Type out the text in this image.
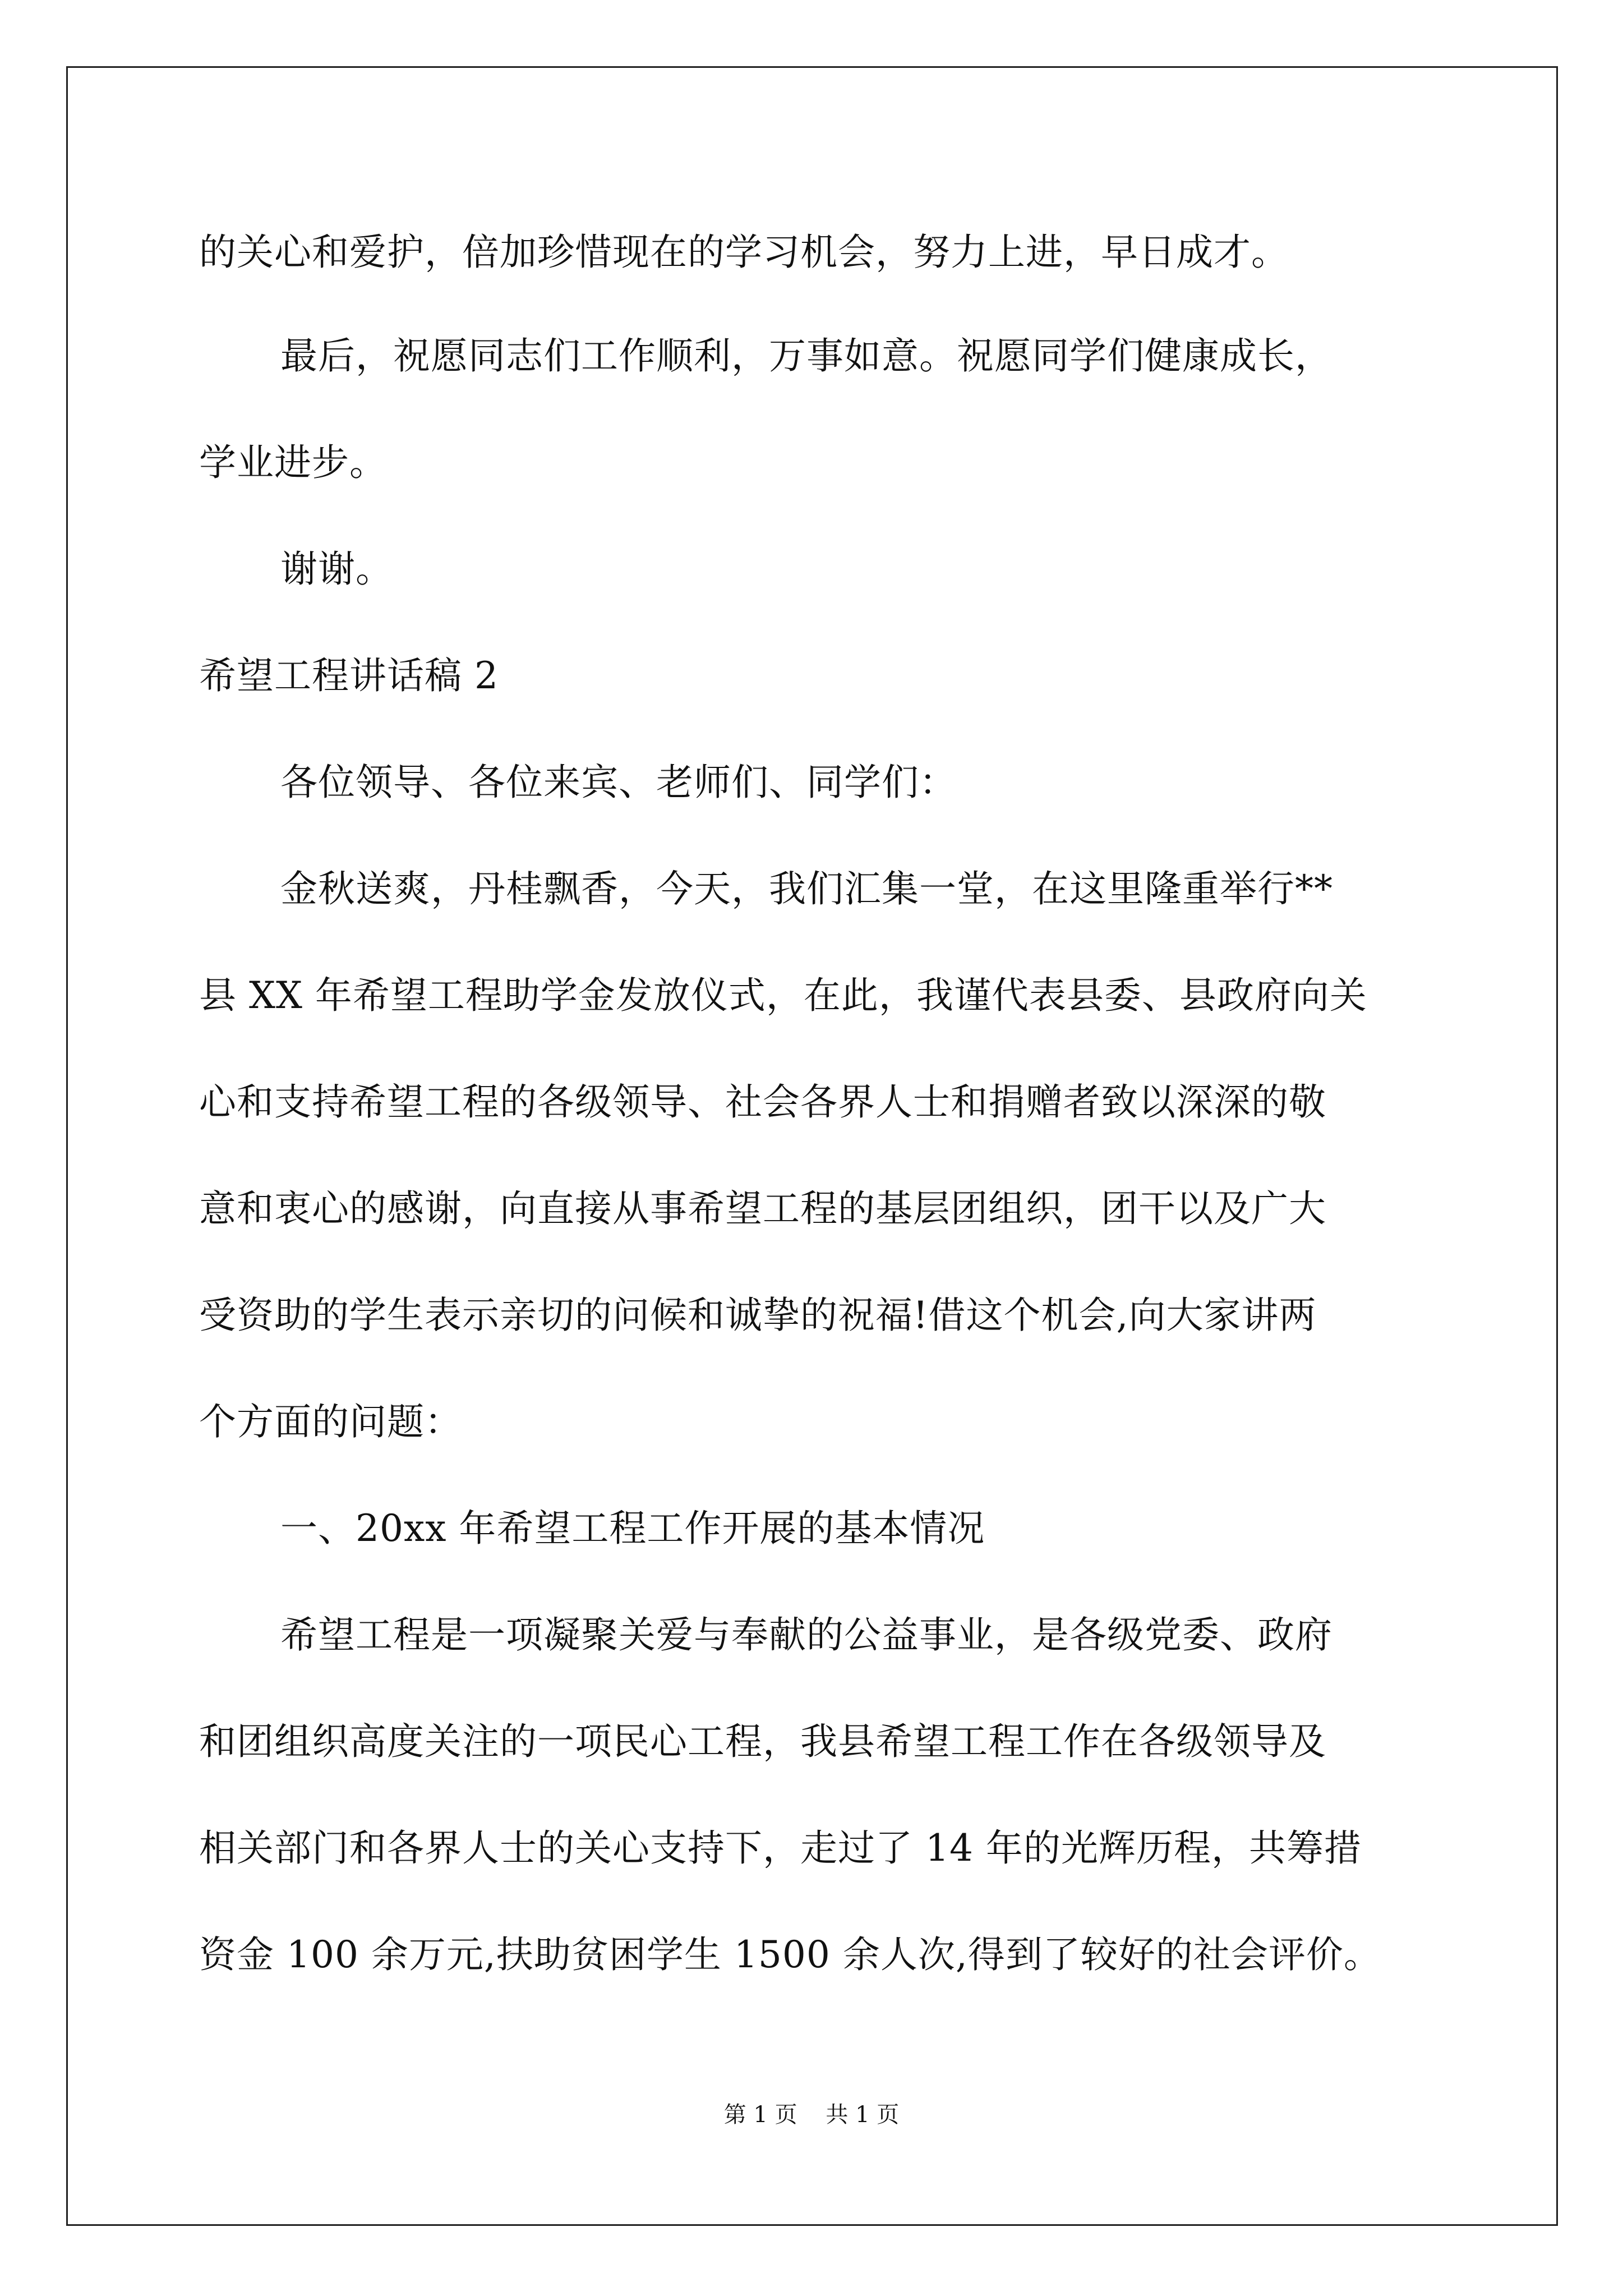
的关心和爱护，倍加珍惜现在的学习机会，努力上进，早日成才。
最后，祝愿同志们工作顺利，万事如意。祝愿同学们健康成长，
学业进步。
谢谢。
希望工程讲话稿 2
各位领导、各位来宾、老师们、同学们：
金秋送爽，丹桂飘香，今天，我们汇集一堂，在这里隆重举行**
县 XX 年希望工程助学金发放仪式，在此，我谨代表县委、县政府向关
心和支持希望工程的各级领导、社会各界人士和捐赠者致以深深的敬
意和衷心的感谢，向直接从事希望工程的基层团组织，团干以及广大
受资助的学生表示亲切的问候和诚挚的祝福!借这个机会,向大家讲两
个方面的问题：
一、20xx 年希望工程工作开展的基本情况
希望工程是一项凝聚关爱与奉献的公益事业，是各级党委、政府
和团组织高度关注的一项民心工程，我县希望工程工作在各级领导及
相关部门和各界人士的关心支持下，走过了 14 年的光辉历程，共筹措
资金 100 余万元,扶助贫困学生 1500 余人次,得到了较好的社会评价。
第 1 页    共 1 页
